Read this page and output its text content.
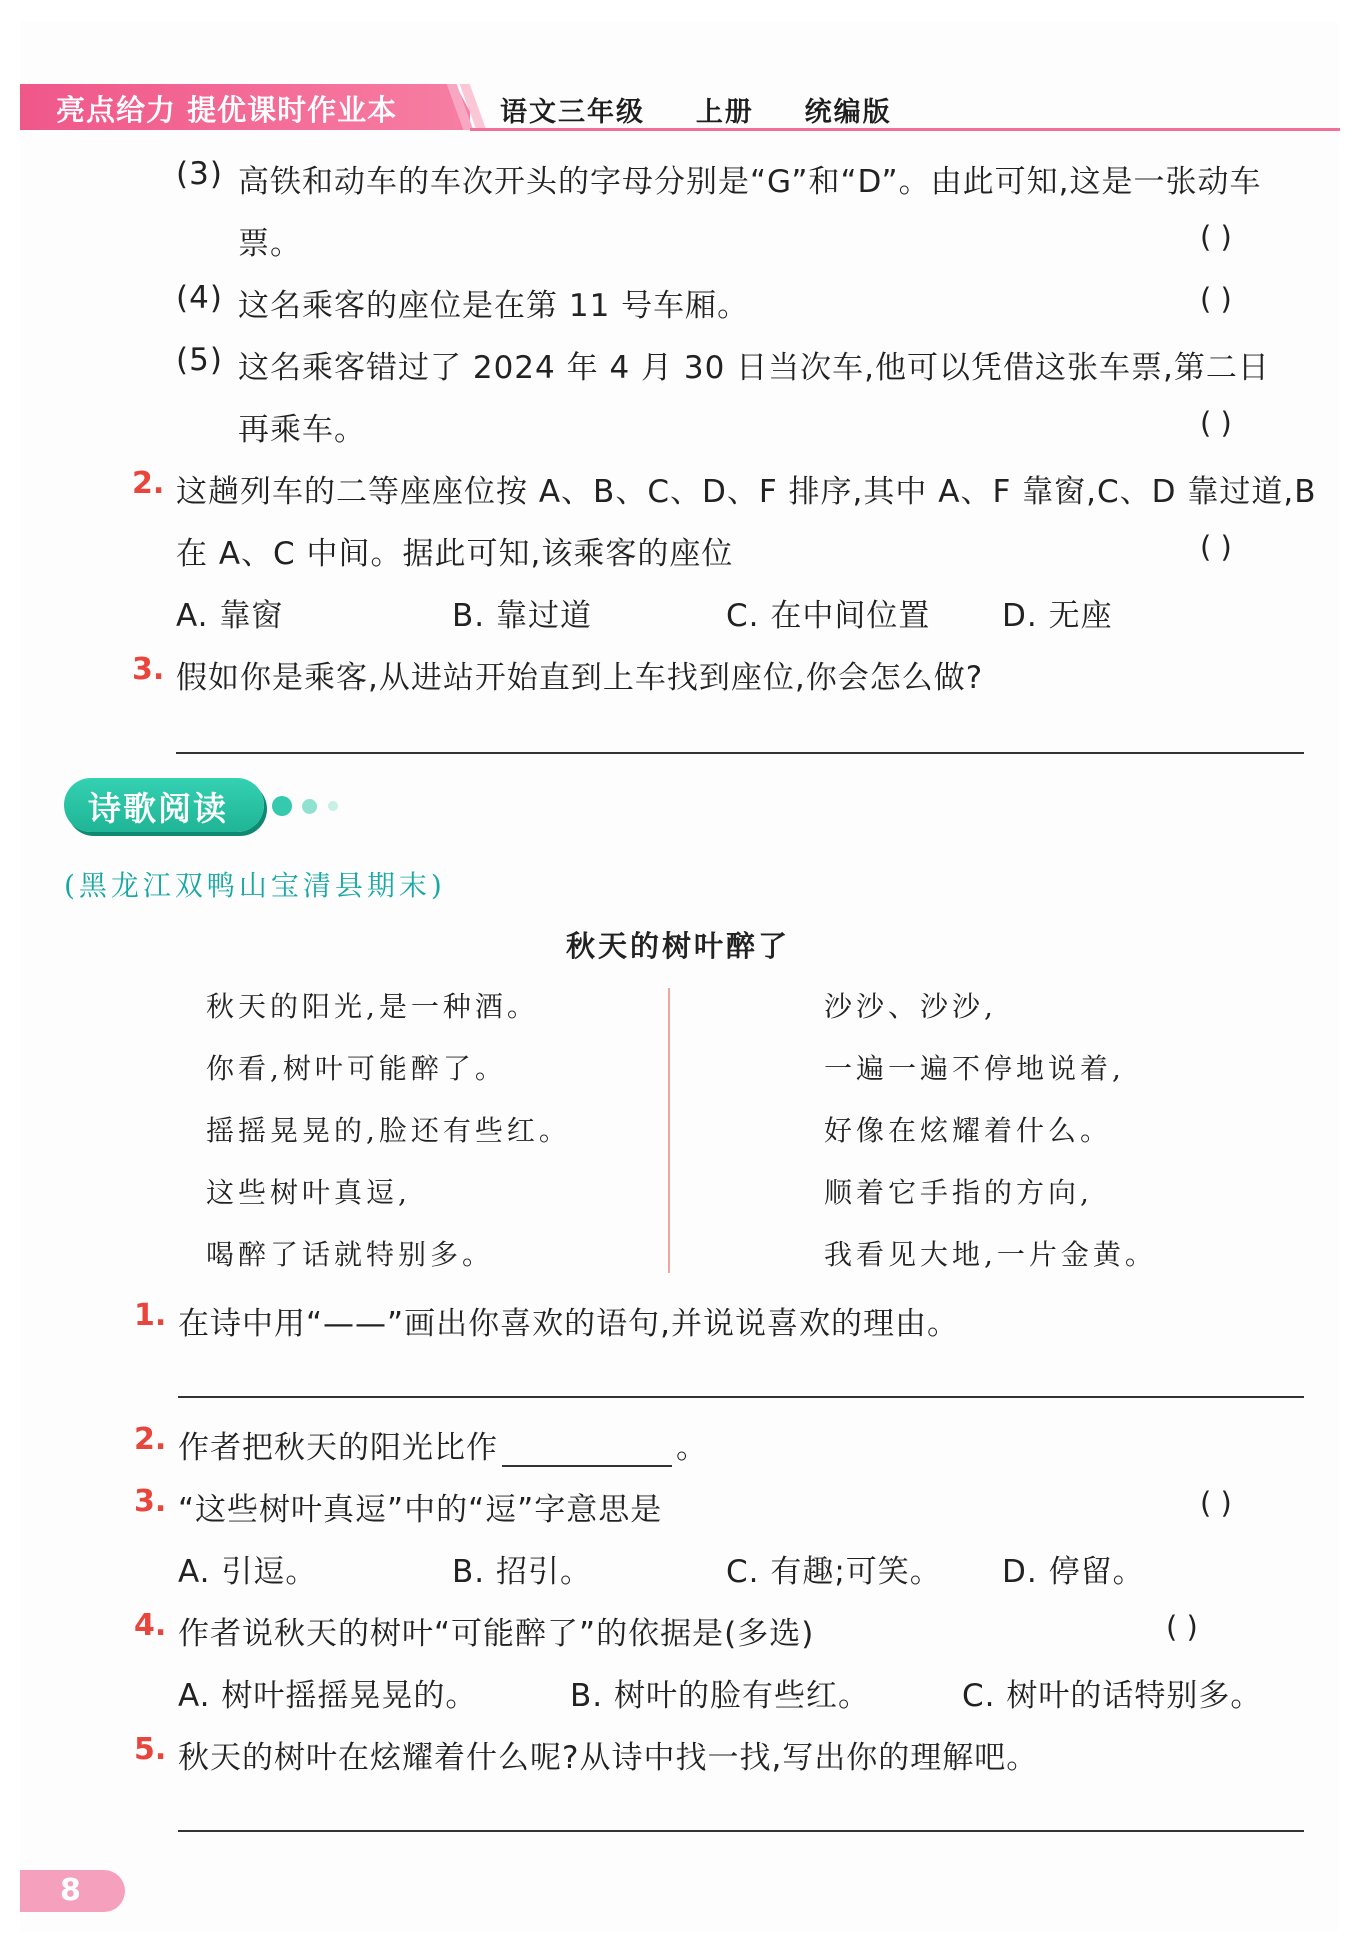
亮点给力 提优课时作业本	语文三年级 上册 统编版
(3) 高铁和动车的车次开头的字母分别是“G”和“D”。由此可知,这是一张动车
票。	( )
(4) 这名乘客的座位是在第 11 号车厢。	( )
(5) 这名乘客错过了 2024 年 4 月 30 日当次车,他可以凭借这张车票,第二日
再乘车。	( )
2. 这趟列车的二等座座位按 A、B、C、D、F 排序,其中 A、F 靠窗,C、D 靠过道,B
在 A、C 中间。据此可知,该乘客的座位	( )
A. 靠窗	B. 靠过道	C. 在中间位置 D. 无座
3. 假如你是乘客,从进站开始直到上车找到座位,你会怎么做?
诗歌阅读
(黑龙江双鸭山宝清县期末)
秋天的树叶醉了
秋天的阳光,是一种酒。
你看,树叶可能醉了。
摇摇晃晃的,脸还有些红。
这些树叶真逗,
喝醉了话就特别多。
沙沙、沙沙,
一遍一遍不停地说着,
好像在炫耀着什么。
顺着它手指的方向,
我看见大地,一片金黄。
1. 在诗中用“——”画出你喜欢的语句,并说说喜欢的理由。
2. 作者把秋天的阳光比作	。
3. “这些树叶真逗”中的“逗”字意思是	( )
A. 引逗。	B. 招引。	C. 有趣;可笑。 D. 停留。
4. 作者说秋天的树叶“可能醉了”的依据是(多选)	( )
A. 树叶摇摇晃晃的。	B. 树叶的脸有些红。	C. 树叶的话特别多。
5. 秋天的树叶在炫耀着什么呢?从诗中找一找,写出你的理解吧。
8
